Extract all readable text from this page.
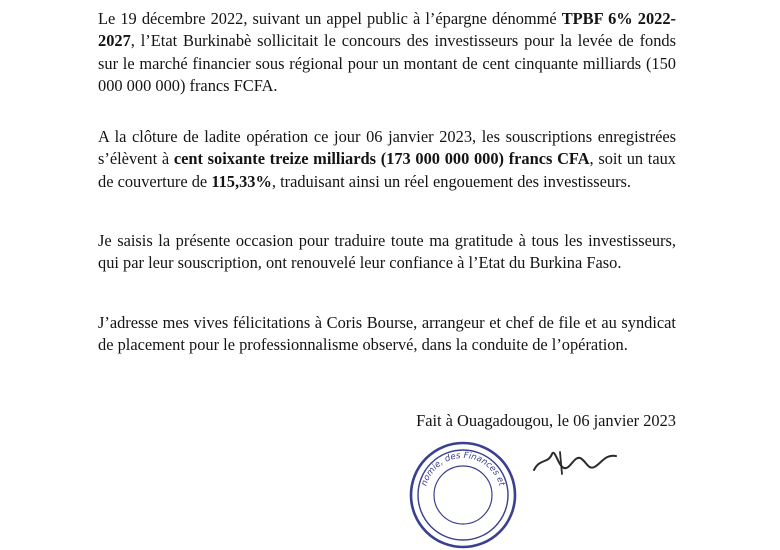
Le 19 décembre 2022, suivant un appel public à l’épargne dénommé TPBF 6% 2022-2027, l’Etat Burkinabè sollicitait le concours des investisseurs pour la levée de fonds sur le marché financier sous régional pour un montant de cent cinquante milliards (150 000 000 000) francs FCFA.

A la clôture de ladite opération ce jour 06 janvier 2023, les souscriptions enregistrées s’élèvent à cent soixante treize milliards (173 000 000 000) francs CFA, soit un taux de couverture de 115,33%, traduisant ainsi un réel engouement des investisseurs.

Je saisis la présente occasion pour traduire toute ma gratitude à tous les investisseurs, qui par leur souscription, ont renouvelé leur confiance à l’Etat du Burkina Faso.

J’adresse mes vives félicitations à Coris Bourse, arrangeur et chef de file et au syndicat de placement pour le professionnalisme observé, dans la conduite de l’opération.

Fait à Ouagadougou, le 06 janvier 2023

nomie, des Finances et
